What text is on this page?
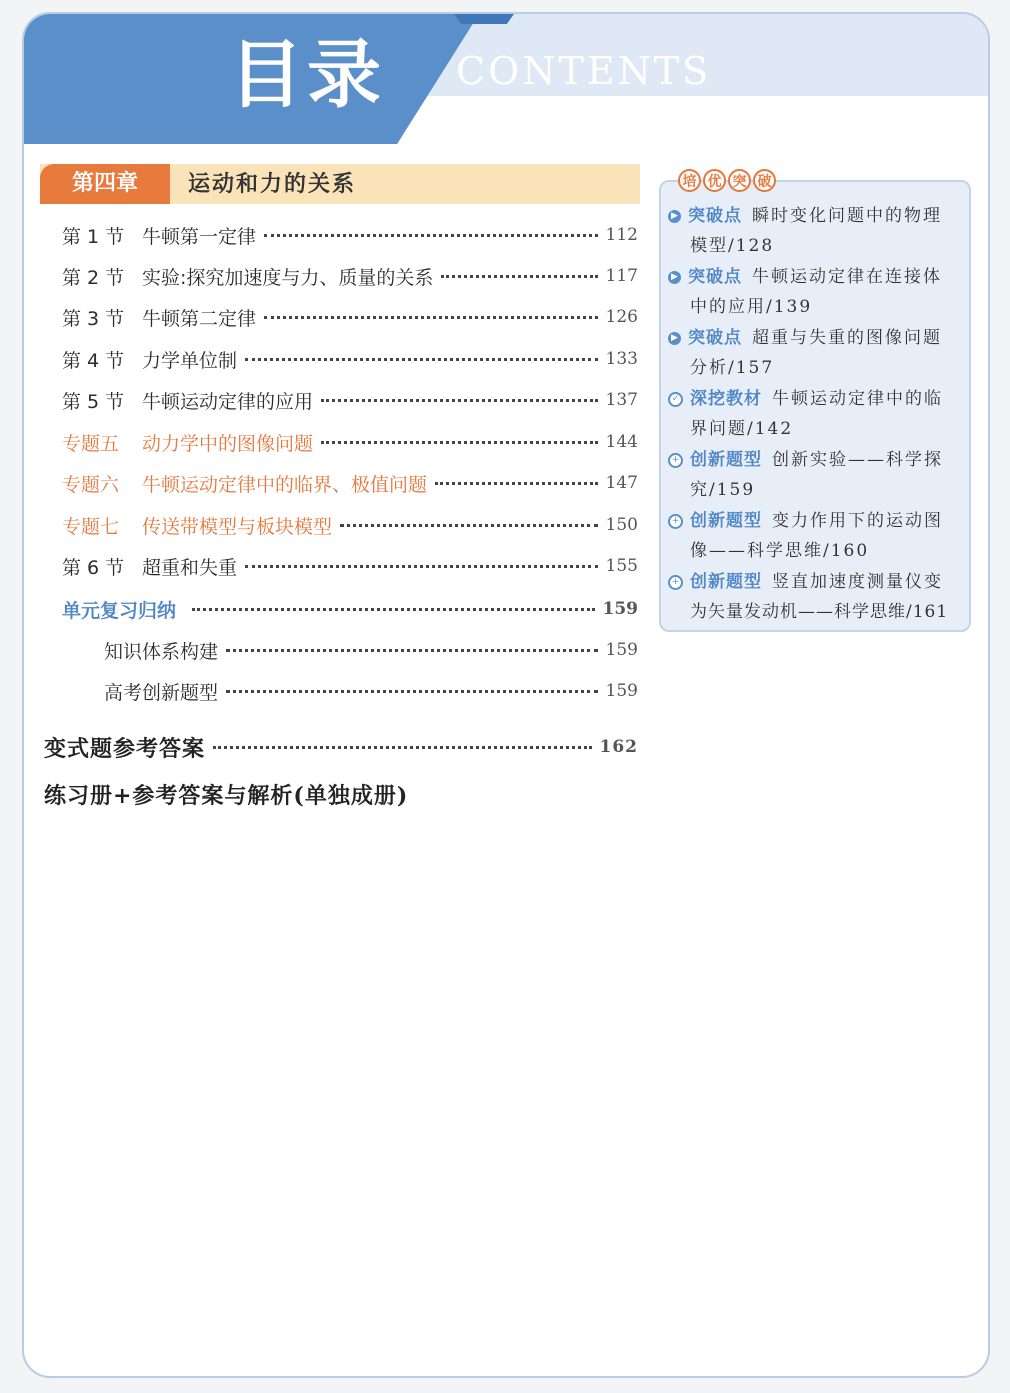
目录 CONTENTS
第四章	运动和力的关系
第 1 节 牛顿第一定律	112
第 2 节 实验:探究加速度与力、质量的关系	117
第 3 节 牛顿第二定律	126
第 4 节 力学单位制	133
第 5 节 牛顿运动定律的应用	137
专题五	动力学中的图像问题	144
专题六	牛顿运动定律中的临界、极值问题	147
专题七	传送带模型与板块模型	150
第 6 节 超重和失重	155
单元复习归纳	159
知识体系构建	159
高考创新题型	159
变式题参考答案	162
练习册+参考答案与解析(单独成册)
培 优 突 破
▶ 突破点 瞬时变化问题中的物理
模型/128
▶ 突破点 牛顿运动定律在连接体
中的应用/139
▶ 突破点 超重与失重的图像问题
分析/157
✓ 深挖教材 牛顿运动定律中的临
界问题/142
+ 创新题型 创新实验——科学探
究/159
+ 创新题型 变力作用下的运动图
像——科学思维/160
+ 创新题型 竖直加速度测量仪变
为矢量发动机——科学思维/161
